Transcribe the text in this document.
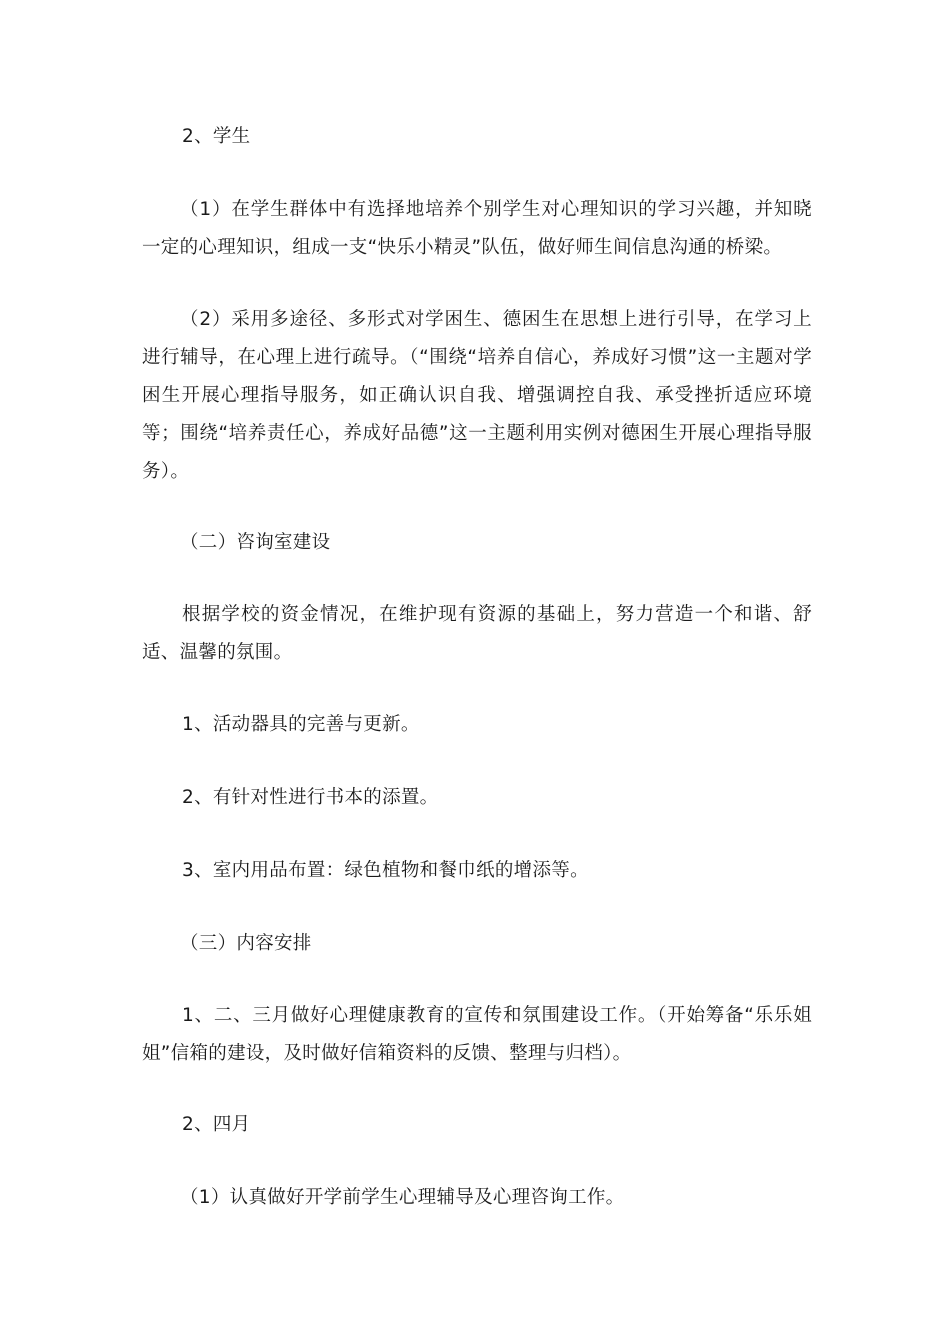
2、学生

（1）在学生群体中有选择地培养个别学生对心理知识的学习兴趣，并知晓一定的心理知识，组成一支“快乐小精灵”队伍，做好师生间信息沟通的桥梁。

（2）采用多途径、多形式对学困生、德困生在思想上进行引导，在学习上进行辅导，在心理上进行疏导。（“围绕“培养自信心，养成好习惯”这一主题对学困生开展心理指导服务，如正确认识自我、增强调控自我、承受挫折适应环境等；围绕“培养责任心，养成好品德”这一主题利用实例对德困生开展心理指导服务）。

（二）咨询室建设

根据学校的资金情况，在维护现有资源的基础上，努力营造一个和谐、舒适、温馨的氛围。

1、活动器具的完善与更新。

2、有针对性进行书本的添置。

3、室内用品布置：绿色植物和餐巾纸的增添等。

（三）内容安排

1、二、三月做好心理健康教育的宣传和氛围建设工作。（开始筹备“乐乐姐姐”信箱的建设，及时做好信箱资料的反馈、整理与归档）。

2、四月

（1）认真做好开学前学生心理辅导及心理咨询工作。
